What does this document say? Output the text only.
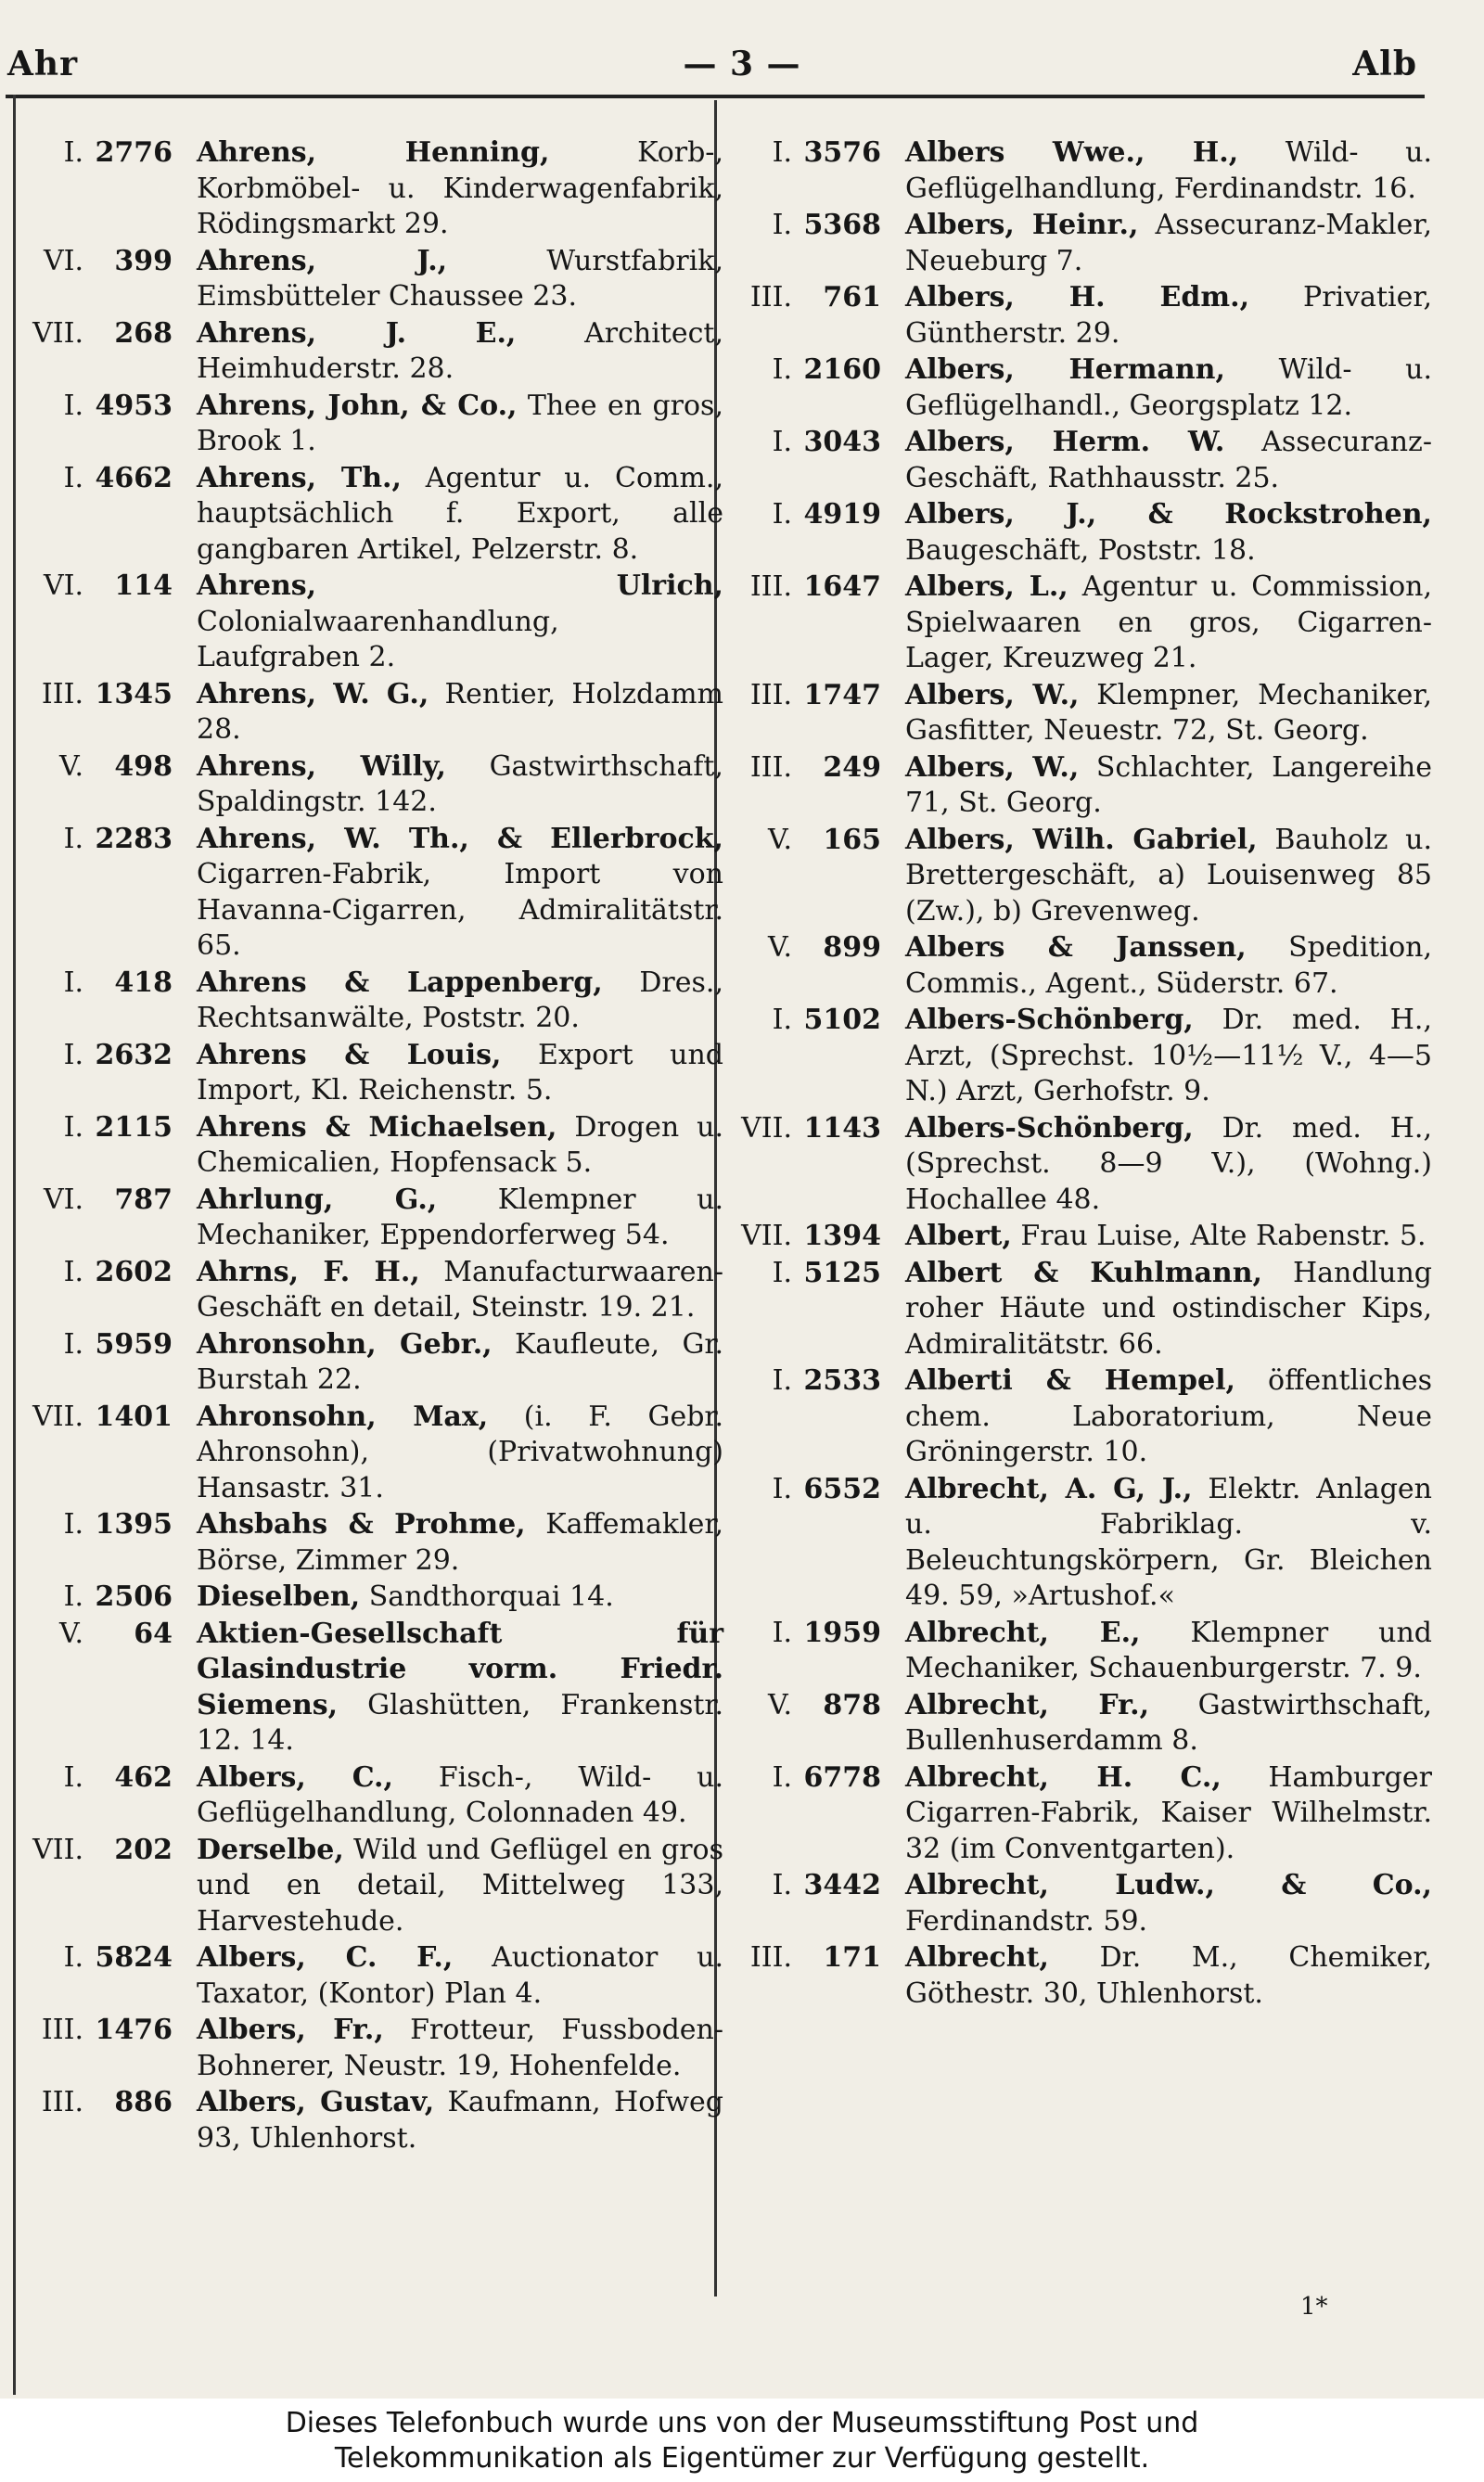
Ahr	— 3 —	Alb
I. 2776 Ahrens, Henning,	Korb-, Korbmöbel- u. Kinderwagenfabrik, Rödingsmarkt 29.
VI.	399 Ahrens, J.,	Wurstfabrik, Eimsbütteler Chaussee 23.
VII.	268 Ahrens, J. E., Architect, Heimhuderstr. 28.
I. 4953 Ahrens, John, & Co., Thee en gros, Brook 1.
I. 4662 Ahrens, Th., Agentur u. Comm., hauptsächlich f. Export, alle gangbaren Artikel, Pelzerstr. 8.
VI.	114 Ahrens, Ulrich, Colonialwaarenhandlung, Laufgraben 2.
III. 1345 Ahrens, W. G., Rentier, Holzdamm 28.
V.	498 Ahrens, Willy, Gastwirthschaft, Spaldingstr. 142.
I. 2283 Ahrens, W. Th., & Ellerbrock, Cigarren-Fabrik, Import von Havanna-Cigarren, Admiralitätstr. 65.
I.	418 Ahrens & Lappenberg, Dres., Rechtsanwälte, Poststr. 20.
I. 2632 Ahrens & Louis, Export und Import, Kl. Reichenstr. 5.
I. 2115 Ahrens & Michaelsen, Drogen u. Chemicalien, Hopfensack 5.
VI.	787 Ahrlung, G., Klempner u. Mechaniker, Eppendorferweg 54.
I. 2602 Ahrns, F. H., Manufacturwaaren-Geschäft en detail, Steinstr. 19. 21.
I. 5959 Ahronsohn, Gebr., Kaufleute, Gr. Burstah 22.
VII. 1401 Ahronsohn, Max, (i. F. Gebr. Ahronsohn), (Privatwohnung) Hansastr. 31.
I. 1395 Ahsbahs & Prohme, Kaffemakler, Börse, Zimmer 29.
I. 2506 Dieselben, Sandthorquai 14.
V.	64 Aktien-Gesellschaft für Glasindustrie vorm. Friedr. Siemens, Glashütten, Frankenstr. 12. 14.
I.	462 Albers, C., Fisch-, Wild- u. Geflügelhandlung, Colonnaden 49.
VII.	202 Derselbe, Wild und Geflügel en gros und en detail, Mittelweg 133, Harvestehude.
I. 5824 Albers, C. F., Auctionator u. Taxator, (Kontor) Plan 4.
III. 1476 Albers, Fr., Frotteur, Fussboden-Bohnerer, Neustr. 19, Hohenfelde.
III.	886 Albers, Gustav, Kaufmann, Hofweg 93, Uhlenhorst.
I. 3576 Albers Wwe., H., Wild- u. Geflügelhandlung, Ferdinandstr. 16.
I. 5368 Albers, Heinr., Assecuranz-Makler, Neueburg 7.
III.	761 Albers, H. Edm., Privatier, Güntherstr. 29.
I. 2160 Albers, Hermann, Wild- u. Geflügelhandl., Georgsplatz 12.
I. 3043 Albers, Herm. W. Assecuranz-Geschäft, Rathhausstr. 25.
I. 4919 Albers, J., & Rockstrohen, Baugeschäft, Poststr. 18.
III. 1647 Albers, L., Agentur u. Commission, Spielwaaren en gros, Cigarren-Lager, Kreuzweg 21.
III. 1747 Albers, W., Klempner, Mechaniker, Gasfitter, Neuestr. 72, St. Georg.
III.	249 Albers, W., Schlachter, Langereihe 71, St. Georg.
V.	165 Albers, Wilh. Gabriel, Bauholz u. Brettergeschäft, a) Louisenweg 85 (Zw.), b) Grevenweg.
V.	899 Albers & Janssen, Spedition, Commis., Agent., Süderstr. 67.
I. 5102 Albers-Schönberg, Dr. med. H., Arzt, (Sprechst. 10½—11½ V., 4—5 N.) Arzt, Gerhofstr. 9.
VII. 1143 Albers-Schönberg, Dr. med. H., (Sprechst. 8—9 V.), (Wohng.) Hochallee 48.
VII. 1394 Albert, Frau Luise, Alte Rabenstr. 5.
I. 5125 Albert & Kuhlmann, Handlung roher Häute und ostindischer Kips, Admiralitätstr. 66.
I. 2533 Alberti & Hempel, öffentliches chem. Laboratorium, Neue Gröningerstr. 10.
I. 6552 Albrecht, A. G, J., Elektr. Anlagen u. Fabriklag. v. Beleuchtungskörpern, Gr. Bleichen 49. 59, »Artushof.«
I. 1959 Albrecht, E., Klempner und Mechaniker, Schauenburgerstr. 7. 9.
V.	878 Albrecht, Fr., Gastwirthschaft, Bullenhuserdamm 8.
I. 6778 Albrecht, H. C., Hamburger Cigarren-Fabrik, Kaiser Wilhelmstr. 32 (im Conventgarten).
I. 3442 Albrecht, Ludw., & Co., Ferdinandstr. 59.
III.	171 Albrecht, Dr. M., Chemiker, Göthestr. 30, Uhlenhorst.
1*
Dieses Telefonbuch wurde uns von der Museumsstiftung Post und
Telekommunikation als Eigentümer zur Verfügung gestellt.
